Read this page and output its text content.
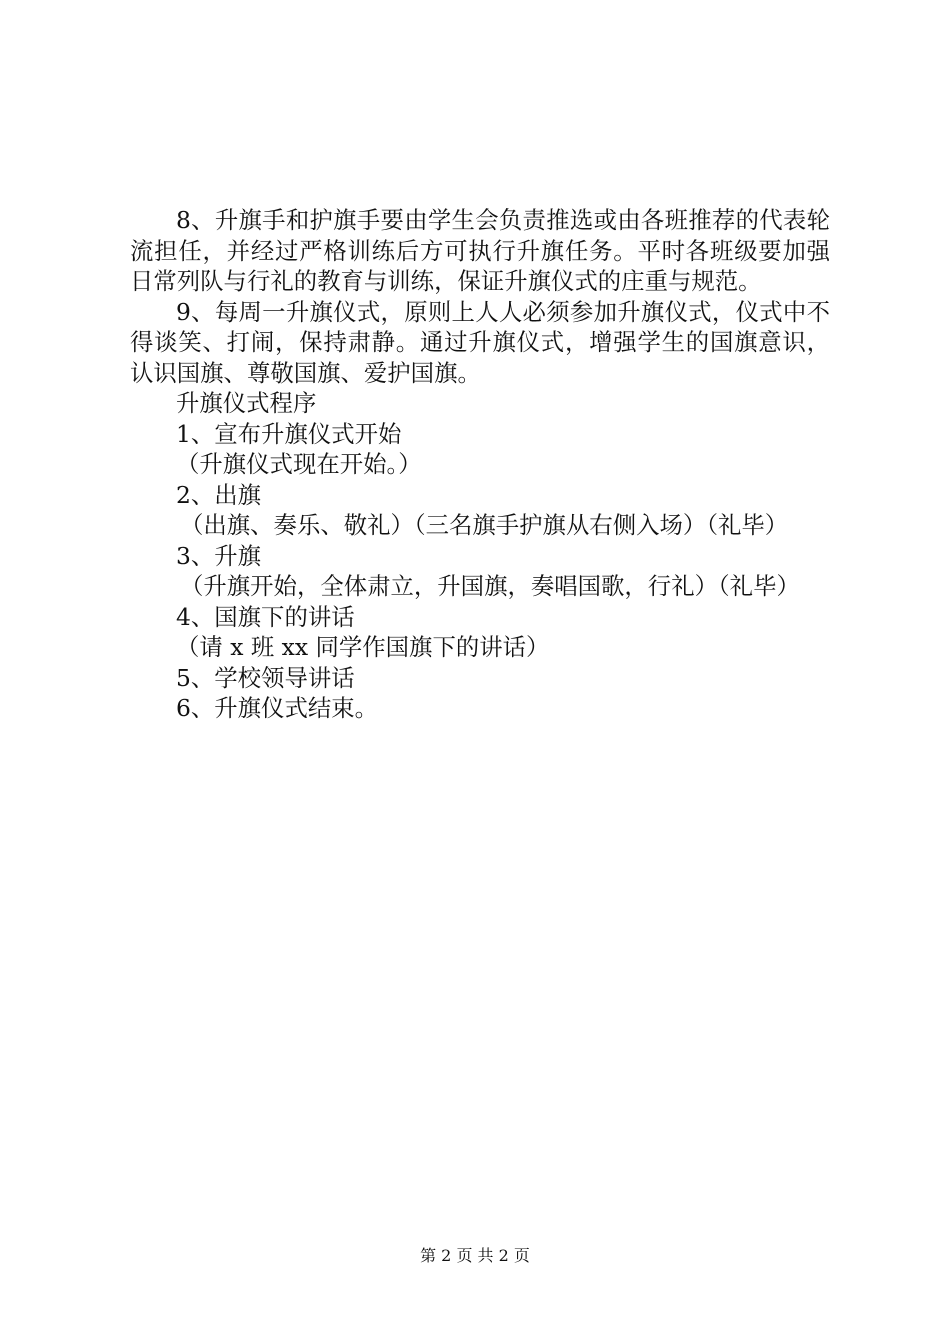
8、升旗手和护旗手要由学生会负责推选或由各班推荐的代表轮流担任，并经过严格训练后方可执行升旗任务。平时各班级要加强日常列队与行礼的教育与训练，保证升旗仪式的庄重与规范。

9、每周一升旗仪式，原则上人人必须参加升旗仪式，仪式中不得谈笑、打闹，保持肃静。通过升旗仪式，增强学生的国旗意识，认识国旗、尊敬国旗、爱护国旗。

升旗仪式程序

1、宣布升旗仪式开始

（升旗仪式现在开始。）

2、出旗

（出旗、奏乐、敬礼）（三名旗手护旗从右侧入场）（礼毕）

3、升旗

（升旗开始，全体肃立，升国旗，奏唱国歌，行礼）（礼毕）

4、国旗下的讲话

（请 x 班 xx 同学作国旗下的讲话）

5、学校领导讲话

6、升旗仪式结束。

第 2 页 共 2 页
